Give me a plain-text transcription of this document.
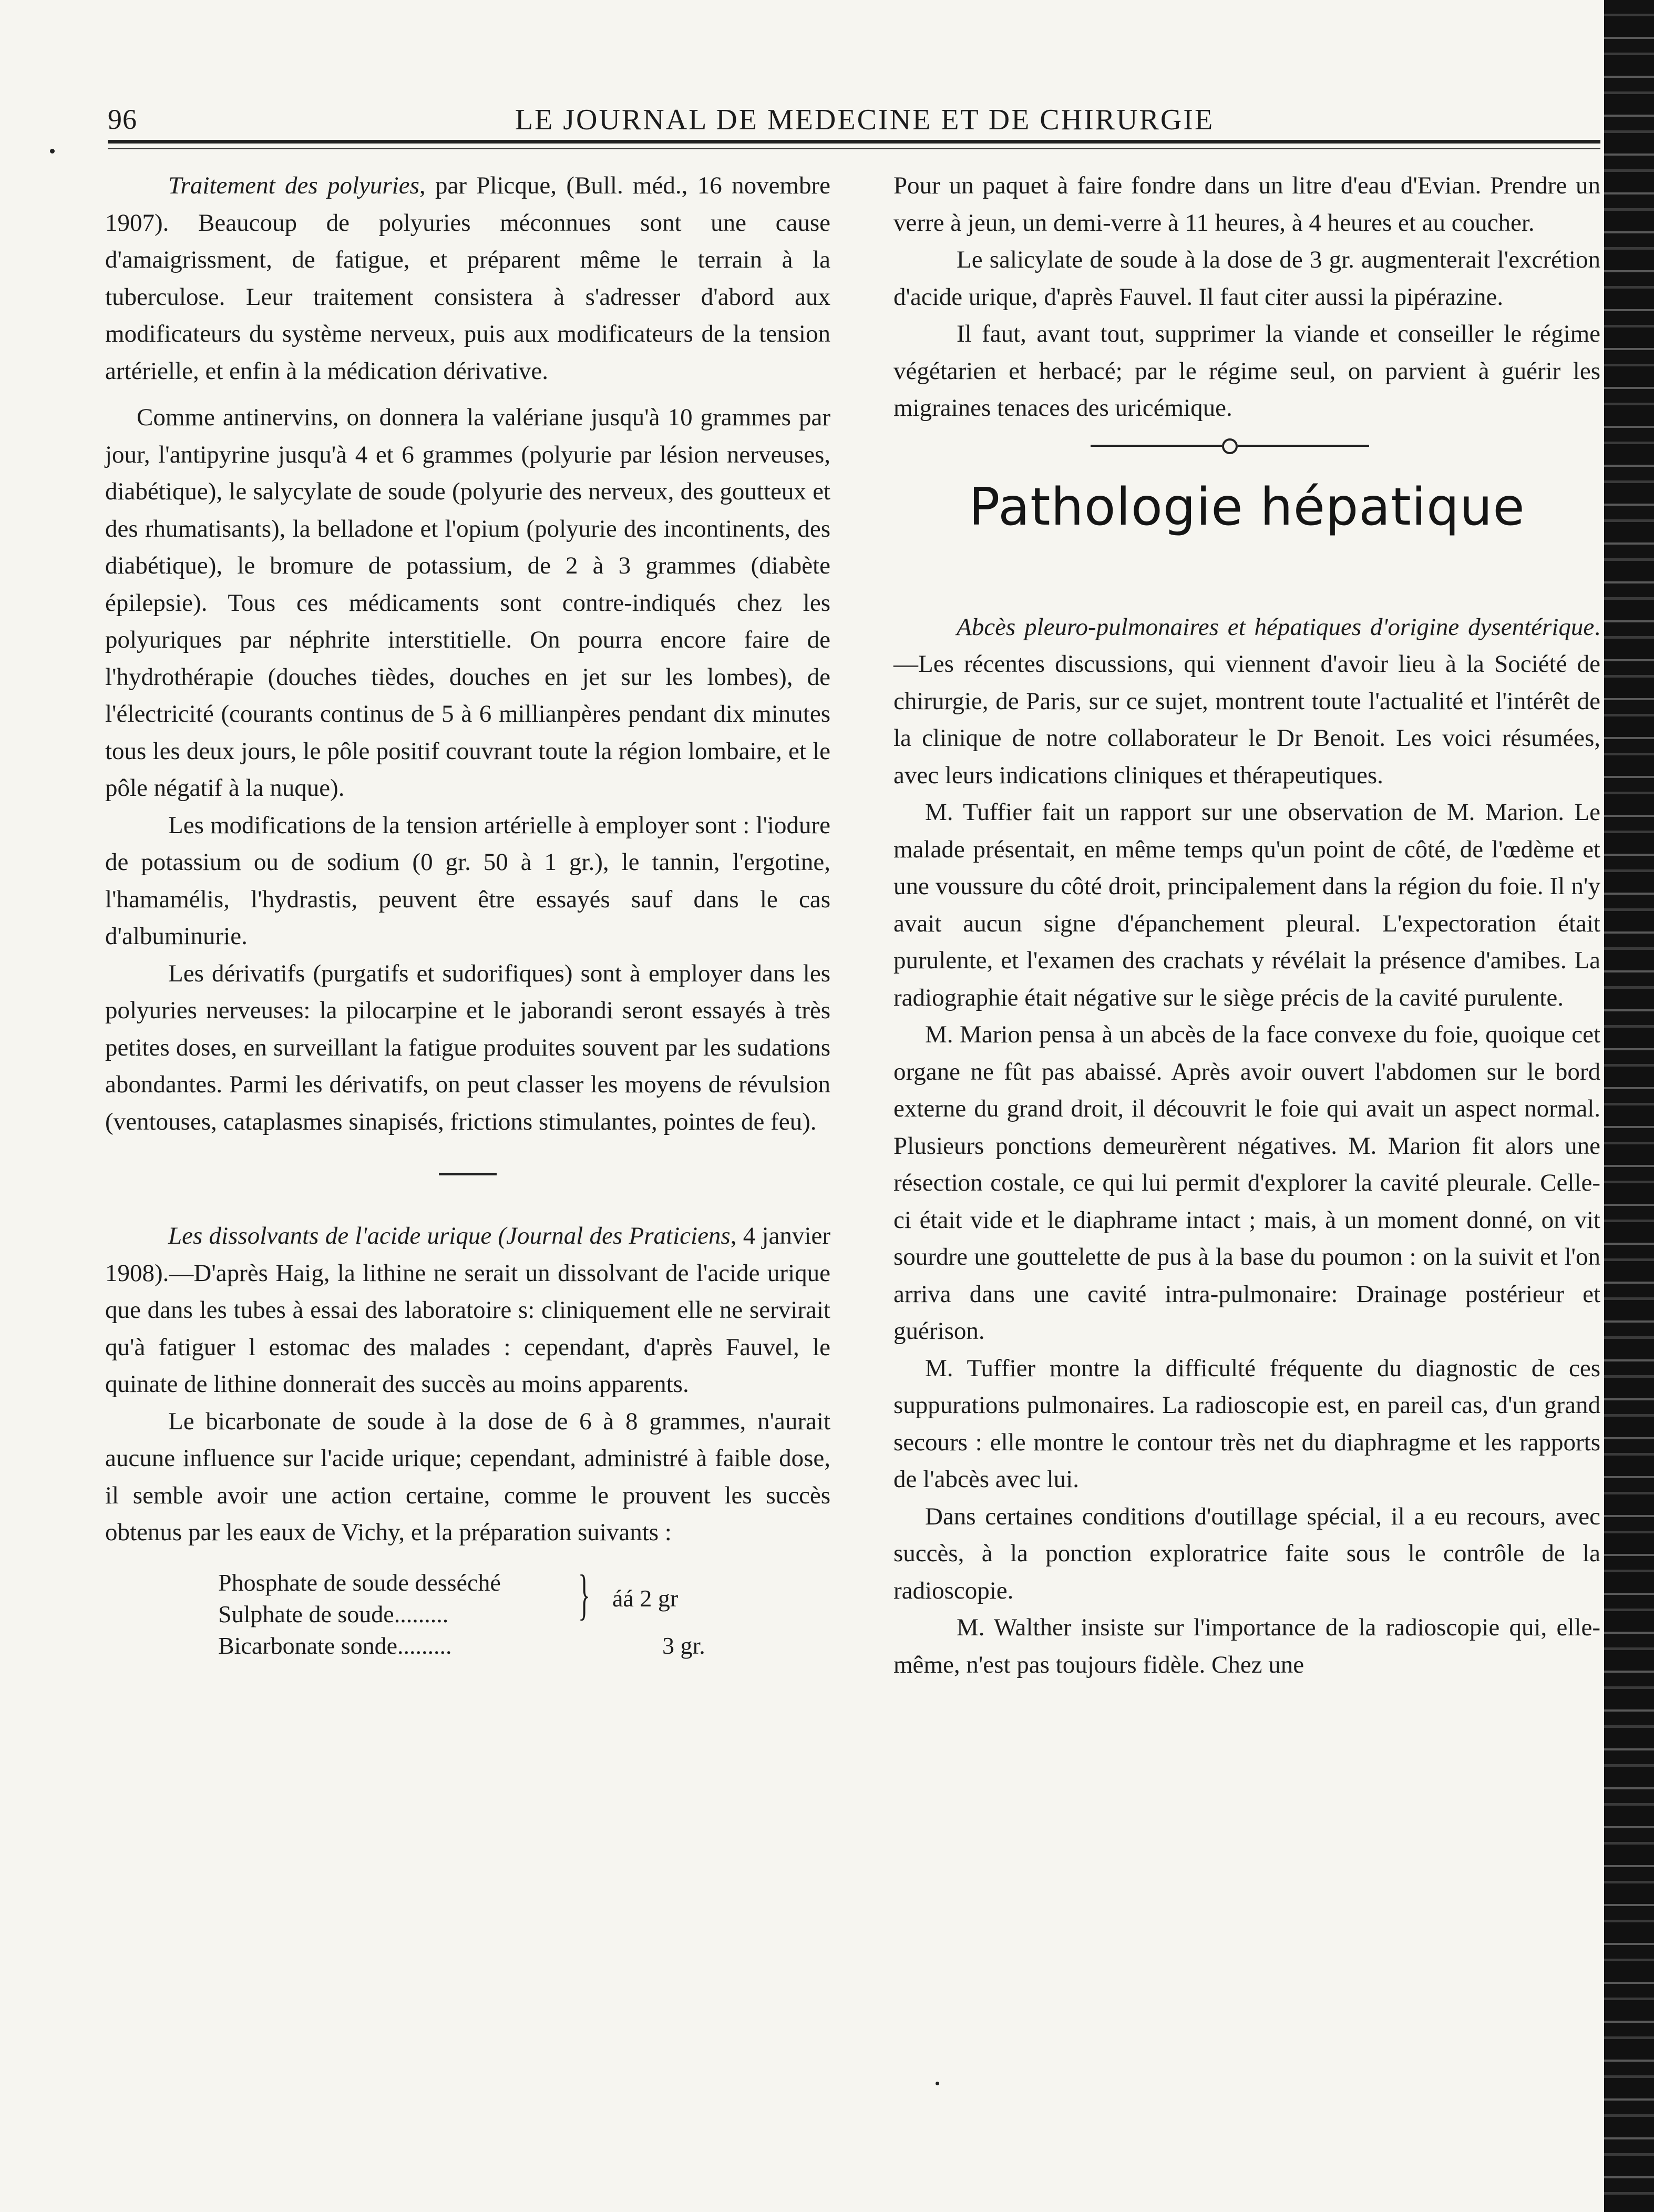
96	LE JOURNAL DE MEDECINE ET DE CHIRURGIE

Traitement des polyuries, par Plicque, (Bull. méd., 16 novembre 1907). Beaucoup de polyuries méconnues sont une cause d'amaigrissment, de fatigue, et préparent même le terrain à la tuberculose. Leur traitement consistera à s'adresser d'abord aux modificateurs du système nerveux, puis aux modificateurs de la tension artérielle, et enfin à la médication dérivative.

Comme antinervins, on donnera la valériane jusqu'à 10 grammes par jour, l'antipyrine jusqu'à 4 et 6 grammes (polyurie par lésion nerveuses, diabétique), le salycylate de soude (polyurie des nerveux, des goutteux et des rhumatisants), la belladone et l'opium (polyurie des incontinents, des diabétique), le bromure de potassium, de 2 à 3 grammes (diabète épilepsie). Tous ces médicaments sont contre-indiqués chez les polyuriques par néphrite interstitielle. On pourra encore faire de l'hydrothérapie (douches tièdes, douches en jet sur les lombes), de l'électricité (courants continus de 5 à 6 millianpères pendant dix minutes tous les deux jours, le pôle positif couvrant toute la région lombaire, et le pôle négatif à la nuque).

Les modifications de la tension artérielle à employer sont : l'iodure de potassium ou de sodium (0 gr. 50 à 1 gr.), le tannin, l'ergotine, l'hamamélis, l'hydrastis, peuvent être essayés sauf dans le cas d'albuminurie.

Les dérivatifs (purgatifs et sudorifiques) sont à employer dans les polyuries nerveuses: la pilocarpine et le jaborandi seront essayés à très petites doses, en surveillant la fatigue produites souvent par les sudations abondantes. Parmi les dérivatifs, on peut classer les moyens de révulsion (ventouses, cataplasmes sinapisés, frictions stimulantes, pointes de feu).

Les dissolvants de l'acide urique (Journal des Praticiens, 4 janvier 1908).—D'après Haig, la lithine ne serait un dissolvant de l'acide urique que dans les tubes à essai des laboratoire s: cliniquement elle ne servirait qu'à fatiguer l estomac des malades : cependant, d'après Fauvel, le quinate de lithine donnerait des succès au moins apparents.

Le bicarbonate de soude à la dose de 6 à 8 grammes, n'aurait aucune influence sur l'acide urique; cependant, administré à faible dose, il semble avoir une action certaine, comme le prouvent les succès obtenus par les eaux de Vichy, et la préparation suivants :

Phosphate de soude desséché
Sulphate de soude.........
Bicarbonate sonde.........
} áá 2 gr
3 gr.

Pour un paquet à faire fondre dans un litre d'eau d'Evian. Prendre un verre à jeun, un demi-verre à 11 heures, à 4 heures et au coucher.

Le salicylate de soude à la dose de 3 gr. augmenterait l'excrétion d'acide urique, d'après Fauvel. Il faut citer aussi la pipérazine.

Il faut, avant tout, supprimer la viande et conseiller le régime végétarien et herbacé; par le régime seul, on parvient à guérir les migraines tenaces des uricémique.

Pathologie hépatique

Abcès pleuro-pulmonaires et hépatiques d'origine dysentérique.—Les récentes discussions, qui viennent d'avoir lieu à la Société de chirurgie, de Paris, sur ce sujet, montrent toute l'actualité et l'intérêt de la clinique de notre collaborateur le Dr Benoit. Les voici résumées, avec leurs indications cliniques et thérapeutiques.

M. Tuffier fait un rapport sur une observation de M. Marion. Le malade présentait, en même temps qu'un point de côté, de l'œdème et une voussure du côté droit, principalement dans la région du foie. Il n'y avait aucun signe d'épanchement pleural. L'expectoration était purulente, et l'examen des crachats y révélait la présence d'amibes. La radiographie était négative sur le siège précis de la cavité purulente.

M. Marion pensa à un abcès de la face convexe du foie, quoique cet organe ne fût pas abaissé. Après avoir ouvert l'abdomen sur le bord externe du grand droit, il découvrit le foie qui avait un aspect normal. Plusieurs ponctions demeurèrent négatives. M. Marion fit alors une résection costale, ce qui lui permit d'explorer la cavité pleurale. Celle-ci était vide et le diaphrame intact ; mais, à un moment donné, on vit sourdre une gouttelette de pus à la base du poumon : on la suivit et l'on arriva dans une cavité intra-pulmonaire: Drainage postérieur et guérison.

M. Tuffier montre la difficulté fréquente du diagnostic de ces suppurations pulmonaires. La radioscopie est, en pareil cas, d'un grand secours : elle montre le contour très net du diaphragme et les rapports de l'abcès avec lui.

Dans certaines conditions d'outillage spécial, il a eu recours, avec succès, à la ponction exploratrice faite sous le contrôle de la radioscopie.

M. Walther insiste sur l'importance de la radioscopie qui, elle-même, n'est pas toujours fidèle. Chez une
